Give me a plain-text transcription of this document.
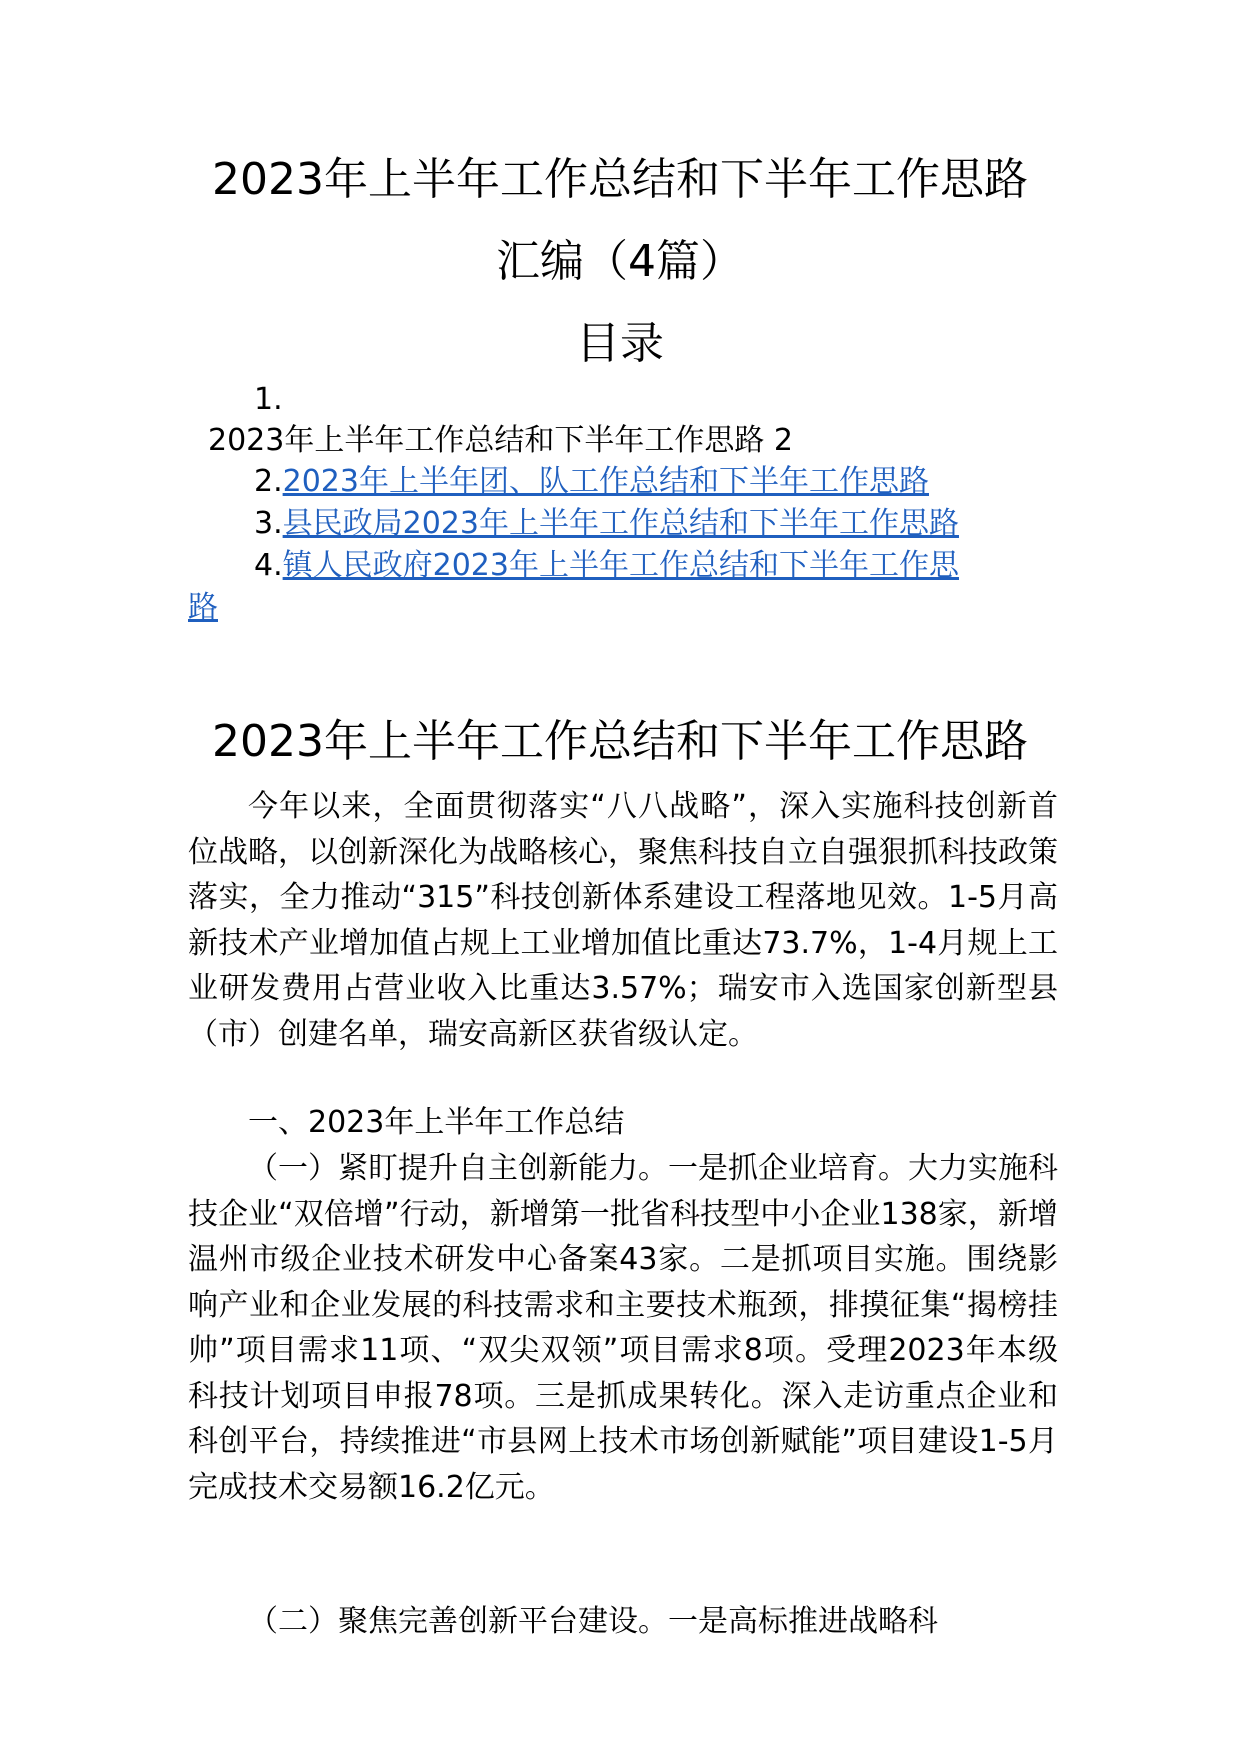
2023年上半年工作总结和下半年工作思路
汇编（4篇）
目录
1.
2023年上半年工作总结和下半年工作思路 2
2.2023年上半年团、队工作总结和下半年工作思路
3.县民政局2023年上半年工作总结和下半年工作思路
4.镇人民政府2023年上半年工作总结和下半年工作思
路
2023年上半年工作总结和下半年工作思路

今年以来，全面贯彻落实“八八战略”，深入实施科技创新首位战略，以创新深化为战略核心，聚焦科技自立自强狠抓科技政策落实，全力推动“315”科技创新体系建设工程落地见效。1-5月高新技术产业增加值占规上工业增加值比重达73.7%，1-4月规上工业研发费用占营业收入比重达3.57%；瑞安市入选国家创新型县（市）创建名单，瑞安高新区获省级认定。

一、2023年上半年工作总结

（一）紧盯提升自主创新能力。一是抓企业培育。大力实施科技企业“双倍增”行动，新增第一批省科技型中小企业138家，新增温州市级企业技术研发中心备案43家。二是抓项目实施。围绕影响产业和企业发展的科技需求和主要技术瓶颈，排摸征集“揭榜挂帅”项目需求11项、“双尖双领”项目需求8项。受理2023年本级科技计划项目申报78项。三是抓成果转化。深入走访重点企业和科创平台，持续推进“市县网上技术市场创新赋能”项目建设1-5月完成技术交易额16.2亿元。

（二）聚焦完善创新平台建设。一是高标推进战略科
